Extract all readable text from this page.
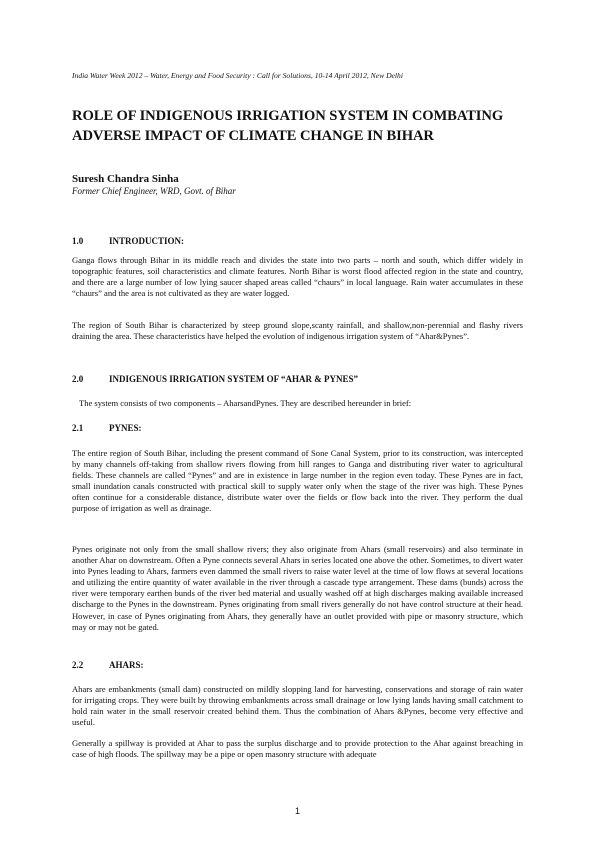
India Water Week 2012 – Water, Energy and Food Security : Call for Solutions, 10-14 April 2012, New Delhi
ROLE OF INDIGENOUS IRRIGATION SYSTEM IN COMBATING ADVERSE IMPACT OF CLIMATE CHANGE IN BIHAR
Suresh Chandra Sinha
Former Chief Engineer, WRD, Govt. of Bihar
1.0	INTRODUCTION:

Ganga flows through Bihar in its middle reach and divides the state into two parts – north and south, which differ widely in topographic features, soil characteristics and climate features. North Bihar is worst flood affected region in the state and country, and there are a large number of low lying saucer shaped areas called “chaurs” in local language. Rain water accumulates in these “chaurs” and the area is not cultivated as they are water logged.

The region of South Bihar is characterized by steep ground slope,scanty rainfall, and shallow,non-perennial and flashy rivers draining the area. These characteristics have helped the evolution of indigenous irrigation system of “Ahar&Pynes”.

2.0	INDIGENOUS IRRIGATION SYSTEM OF “AHAR & PYNES”

The system consists of two components – AharsandPynes. They are described hereunder in brief:

2.1	PYNES:

The entire region of South Bihar, including the present command of Sone Canal System, prior to its construction, was intercepted by many channels off-taking from shallow rivers flowing from hill ranges to Ganga and distributing river water to agricultural fields. These channels are called “Pynes” and are in existence in large number in the region even today. These Pynes are in fact, small inundation canals constructed with practical skill to supply water only when the stage of the river was high. These Pynes often continue for a considerable distance, distribute water over the fields or flow back into the river. They perform the dual purpose of irrigation as well as drainage.

Pynes originate not only from the small shallow rivers; they also originate from Ahars (small reservoirs) and also terminate in another Ahar on downstream. Often a Pyne connects several Ahars in series located one above the other. Sometimes, to divert water into Pynes leading to Ahars, farmers even dammed the small rivers to raise water level at the time of low flows at several locations and utilizing the entire quantity of water available in the river through a cascade type arrangement. These dams (bunds) across the river were temporary earthen bunds of the river bed material and usually washed off at high discharges making available increased discharge to the Pynes in the downstream. Pynes originating from small rivers generally do not have control structure at their head. However, in case of Pynes originating from Ahars, they generally have an outlet provided with pipe or masonry structure, which may or may not be gated.

2.2	AHARS:

Ahars are embankments (small dam) constructed on mildly slopping land for harvesting, conservations and storage of rain water for irrigating crops. They were built by throwing embankments across small drainage or low lying lands having small catchment to hold rain water in the small reservoir created behind them. Thus the combination of Ahars &Pynes, become very effective and useful.

Generally a spillway is provided at Ahar to pass the surplus discharge and to provide protection to the Ahar against breaching in case of high floods. The spillway may be a pipe or open masonry structure with adequate

1
